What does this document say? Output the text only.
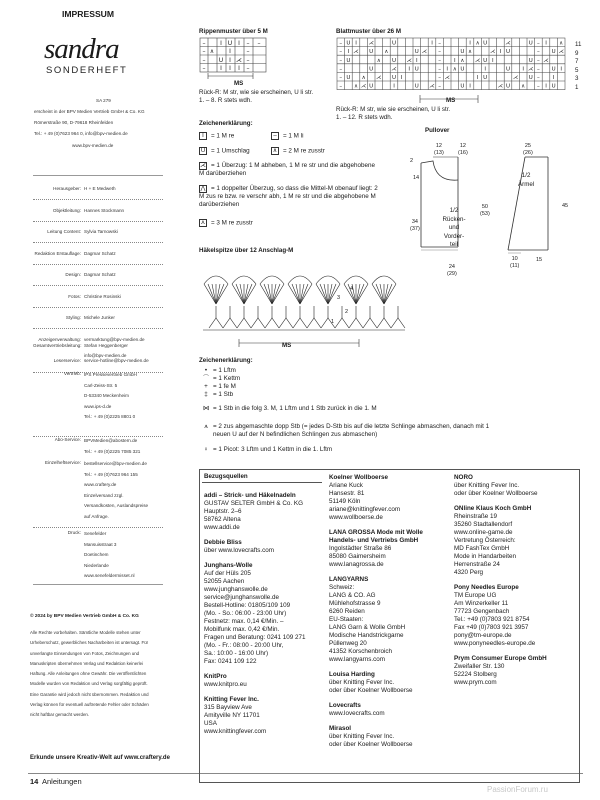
IMPRESSUM
sandra
SONDERHEFT
SA 279
erscheint in der BPV Medien Vertrieb GmbH & Co. KG
Römerstraße 90, D-79618 Rheinfelden
Tel.: + 49 (0)7623 964 0, info@bpv-medien.de
www.bpv-medien.de
Herausgeber: H + E Medweth
Objektleitung: Hannes Stockmann
Leitung Content: Sylvia Tarnowski
Redaktion Erstauflage: Dagmar Schatz
Design: Dagmar Schatz
Fotos: Christine Rosinski
Styling: Michele Junker
Anzeigenverwaltung: vermarktung@bpv-medien.de
Leserservice: service-hotline@bpv-medien.de
Gesamtvertriebsleitung: Stefan Heggenberger
info@bpv-medien.de
Vertrieb: IPS Pressevertrieb GmbH
Carl-Zeiss-Str. 5
D-53340 Meckenheim
www.ips-d.de
Tel.: + 49 (0)2225 8801 0
Abo-Service: BPVMedien@abostern.de
Tel.: + 49 (0)2225 7085 321
Einzelheftservice: bestellservice@bpv-medien.de
Tel.: + 49 (0)7623 964 155
www.craftery.de
Einzelversand zzgl.
Versandkosten, Auslandspreise
auf Anfrage.
Druck: Senefelder
Mansuisstraat 3
Doetinchem
Niederlande
www.senefeldermisset.nl
© 2024 by BPV Medien Vertrieb GmbH & Co. KG
Alle Rechte vorbehalten. Sämtliche Modelle stehen unter
Urheberschutz, gewerbliches Nacharbeiten ist untersagt. Für
unverlangte Einsendungen von Fotos, Zeichnungen und
Manuskripten übernehmen Verlag und Redaktion keinerlei
Haftung. Alle Anleitungen ohne Gewähr. Die veröffentlichten
Modelle wurden von Redaktion und Verlag sorgfältig geprüft.
Eine Garantie wird jedoch nicht übernommen. Redaktion und
Verlag können für eventuell auftretende Fehler oder Schäden
nicht haftbar gemacht werden.
Erkunde unsere Kreativ-Welt auf www.craftery.de
14 Anleitungen
PassionForum.ru
Rippenmuster über 5 M
– I U I – –
– ∧ I	–
– U I ⋌ –
– I I I –
MS
Rück-R: M str, wie sie erscheinen, U li str.
1. – 8. R stets wdh.
Blattmuster über 26 M
– U I ⋌	U	I –	I ∧ U	⋌	U – I ∧
– I ⋌ U ∧	U ⋌ –	U ∧	⋌ I U	– U ⋌
– U	∧ U ⋌ I	– I ∧ ⋌ U I	U – ⋌
–	U	⋌ I U	– I ∧ U	I	U I ⋌ – U I
– U ∧ ⋌ U I	– ⋌	I U	⋌ U – I
– ∧ ⋌ U	I	U ⋌ –	U I	⋌ U ∧ – I U
11
9
7
5
3
1
MS
Rück-R: M str, wie sie erscheinen, U li str.
1. – 12. R stets wdh.
Zeichenerklärung:
I = 1 M re	– = 1 M li
U = 1 Umschlag	∧ = 2 M re zusstr
⋌ = 1 Überzug: 1 M abheben, 1 M re str und die abgehobene M darüberziehen
⋀ = 1 doppelter Überzug, so dass die Mittel-M obenauf liegt: 2 M zus re bzw. re verschr abh, 1 M re str und die abgehobene M darüberziehen
⋏ = 3 M re zusstr
Pullover
1/2
Rücken-
und
Vorder-
teil
1/2
Ärmel
12
(13)
12
(16)
2
14
34
(37)
50
(53)
24
(29)
25
(26)
45
10
(11)
15
Häkelspitze über 12 Anschlag-M
4
3
2
1
MS
Zeichenerklärung:
• = 1 Lftm
⌒ = 1 Kettm
+ = 1 fe M
‡ = 1 Stb
⋈ = 1 Stb in die folg 3. M, 1 Lftm und 1 Stb zurück in die 1. M
⩚ = 2 zus abgemaschte dopp Stb (= jedes D-Stb bis auf die letzte Schlinge abmaschen, danach mit 1 neuen U auf der N befindlichen Schlingen zus abmaschen)
♀ = 1 Picot: 3 Lftm und 1 Kettm in die 1. Lftm
Bezugsquellen

addi – Strick- und Häkelnadeln

GUSTAV SELTER GmbH & Co. KG

Hauptstr. 2–6

58762 Altena

www.addi.de

Debbie Bliss

über www.lovecrafts.com

Junghans-Wolle

Auf der Hüls 205

52055 Aachen

www.junghanswolle.de

service@junghanswolle.de

Bestell-Hotline: 01805/109 109

(Mo. - So.: 06:00 - 23:00 Uhr)

Festnetz: max. 0,14 €/Min. –

Mobilfunk max. 0,42 €/Min.

Fragen und Beratung: 0241 109 271

(Mo. - Fr.: 08:00 - 20:00 Uhr,

Sa.: 10:00 - 16:00 Uhr)

Fax: 0241 109 122

KnitPro

www.knitpro.eu

Knitting Fever Inc.

315 Bayview Ave

Amityville NY 11701

USA

www.knittingfever.com

Koelner Wollboerse

Ariane Kuck

Hansestr. 81

51149 Köln

ariane@knittingfever.com

www.wollboerse.de

LANA GROSSA Mode mit Wolle Handels- und Vertriebs GmbH

Ingolstädter Straße 86

85080 Gaimersheim

www.lanagrossa.de

LANGYARNS

Schweiz:

LANG & CO. AG

Mühlehofstrasse 9

6260 Reiden

EU-Staaten:

LANG Garn & Wolle GmbH

Modische Handstrickgarne

Püllenweg 20

41352 Korschenbroich

www.langyarns.com

Louisa Harding

über Knitting Fever Inc.

oder über Koelner Wollboerse

Lovecrafts

www.lovecrafts.com

Mirasol

über Knitting Fever Inc.

oder über Koelner Wollboerse

NORO

über Knitting Fever Inc.

oder über Koelner Wollboerse

ONline Klaus Koch GmbH

Rheinstraße 19

35260 Stadtallendorf

www.online-game.de

Vertretung Österreich:

MD FashTex GmbH

Mode in Handarbeiten

Herrenstraße 24

4320 Perg

Pony Needles Europe

TM Europe UG

Am Winzerkeller 11

77723 Gengenbach

Tel.: +49 (0)7803 921 8754

Fax +49 (0)7803 921 3957

pony@tm-europe.de

www.ponyneedles-europe.de

Prym Consumer Europe GmbH

Zweifaller Str. 130

52224 Stolberg

www.prym.com
